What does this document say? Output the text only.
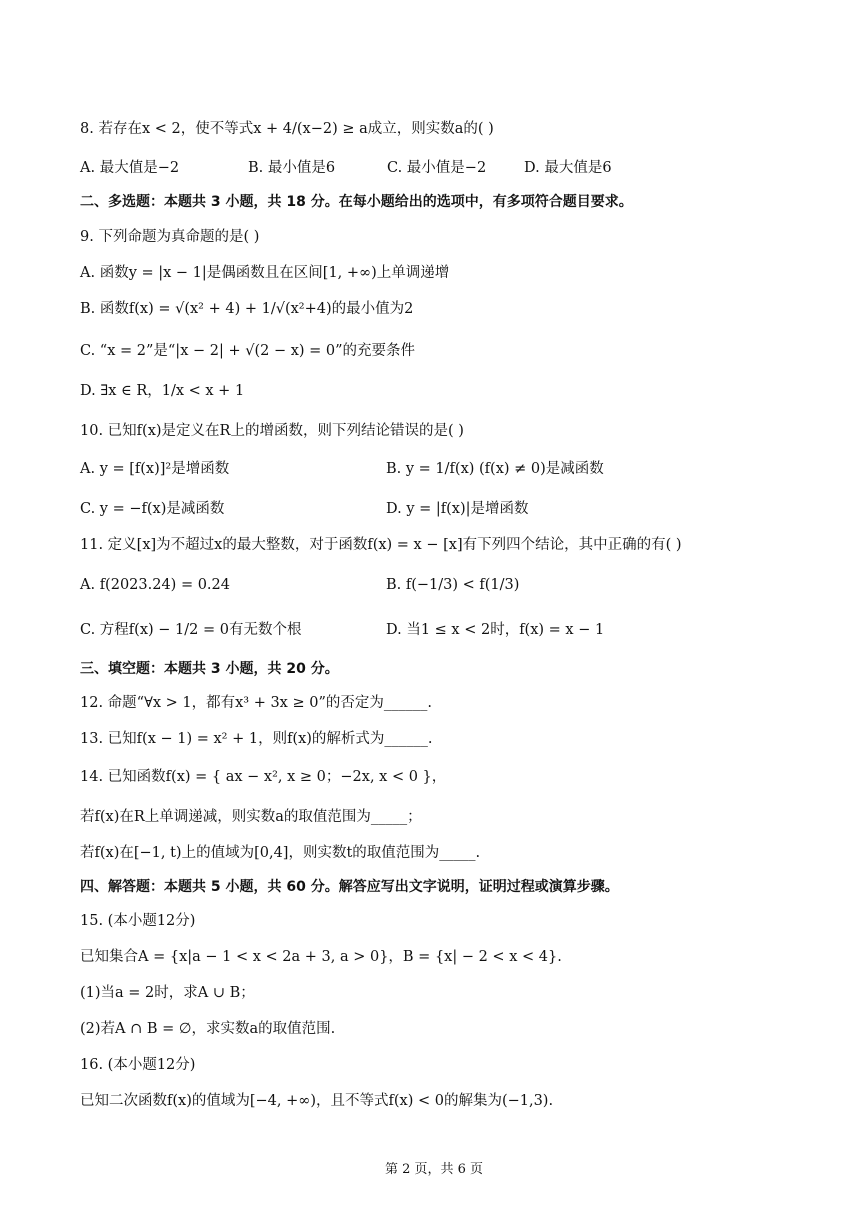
8. 若存在x < 2，使不等式x + 4/(x−2) ≥ a成立，则实数a的( )
A. 最大值是−2	B. 最小值是6	C. 最小值是−2	D. 最大值是6
二、多选题：本题共 3 小题，共 18 分。在每小题给出的选项中，有多项符合题目要求。
9. 下列命题为真命题的是( )
A. 函数y = |x − 1|是偶函数且在区间[1, +∞)上单调递增
B. 函数f(x) = √(x² + 4) + 1/√(x²+4)的最小值为2
C. “x = 2”是“|x − 2| + √(2 − x) = 0”的充要条件
D. ∃x ∈ R，1/x < x + 1
10. 已知f(x)是定义在R上的增函数，则下列结论错误的是( )
A. y = [f(x)]²是增函数	B. y = 1/f(x) (f(x) ≠ 0)是减函数
C. y = −f(x)是减函数	D. y = |f(x)|是增函数
11. 定义[x]为不超过x的最大整数，对于函数f(x) = x − [x]有下列四个结论，其中正确的有( )
A. f(2023.24) = 0.24	B. f(−1/3) < f(1/3)
C. 方程f(x) − 1/2 = 0有无数个根	D. 当1 ≤ x < 2时，f(x) = x − 1
三、填空题：本题共 3 小题，共 20 分。
12. 命题“∀x > 1，都有x³ + 3x ≥ 0”的否定为______.
13. 已知f(x − 1) = x² + 1，则f(x)的解析式为______.
14. 已知函数f(x) = { ax − x², x ≥ 0；−2x, x < 0 }，
若f(x)在R上单调递减，则实数a的取值范围为_____；
若f(x)在[−1, t)上的值域为[0,4]，则实数t的取值范围为_____.
四、解答题：本题共 5 小题，共 60 分。解答应写出文字说明，证明过程或演算步骤。
15. (本小题12分)
已知集合A = {x|a − 1 < x < 2a + 3, a > 0}，B = {x| − 2 < x < 4}.
(1)当a = 2时，求A ∪ B；
(2)若A ∩ B = ∅，求实数a的取值范围.
16. (本小题12分)
已知二次函数f(x)的值域为[−4, +∞)，且不等式f(x) < 0的解集为(−1,3).
第 2 页，共 6 页
